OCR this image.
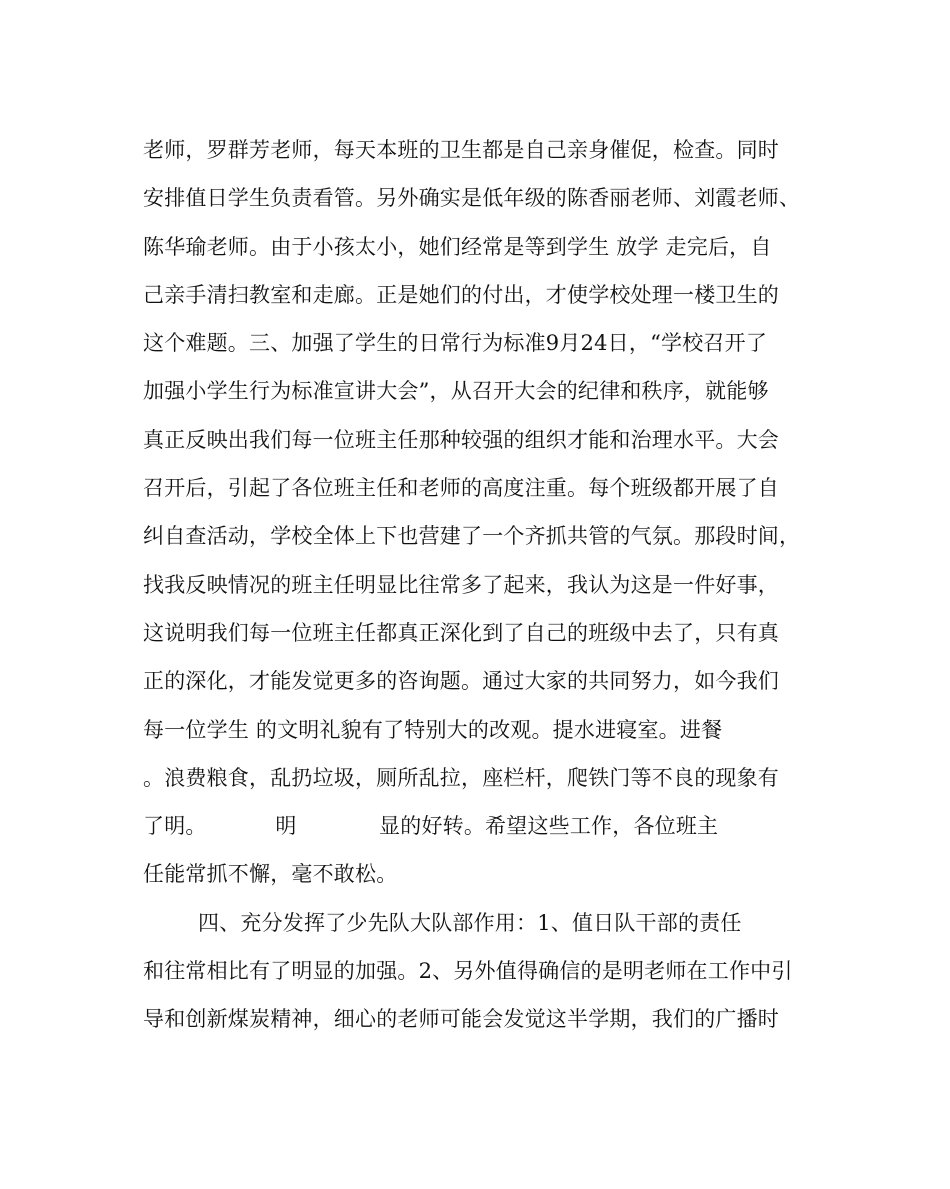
老师，罗群芳老师，每天本班的卫生都是自己亲身催促，检查。同时
安排值日学生负责看管。另外确实是低年级的陈香丽老师、刘霞老师、
陈华瑜老师。由于小孩太小，她们经常是等到学生 放学 走完后，自
己亲手清扫教室和走廊。正是她们的付出，才使学校处理一楼卫生的
这个难题。三、加强了学生的日常行为标准9月24日，“学校召开了
加强小学生行为标准宣讲大会”，从召开大会的纪律和秩序，就能够
真正反映出我们每一位班主任那种较强的组织才能和治理水平。大会
召开后，引起了各位班主任和老师的高度注重。每个班级都开展了自
纠自查活动，学校全体上下也营建了一个齐抓共管的气氛。那段时间，
找我反映情况的班主任明显比往常多了起来，我认为这是一件好事，
这说明我们每一位班主任都真正深化到了自己的班级中去了，只有真
正的深化，才能发觉更多的咨询题。通过大家的共同努力，如今我们
每一位学生 的文明礼貌有了特别大的改观。提水进寝室。进餐
。浪费粮食，乱扔垃圾，厕所乱拉，座栏杆，爬铁门等不良的现象有
了明。          明            显的好转。希望这些工作，各位班主
任能常抓不懈，毫不敢松。
四、充分发挥了少先队大队部作用：1、值日队干部的责任
和往常相比有了明显的加强。2、另外值得确信的是明老师在工作中引
导和创新煤炭精神，细心的老师可能会发觉这半学期，我们的广播时
